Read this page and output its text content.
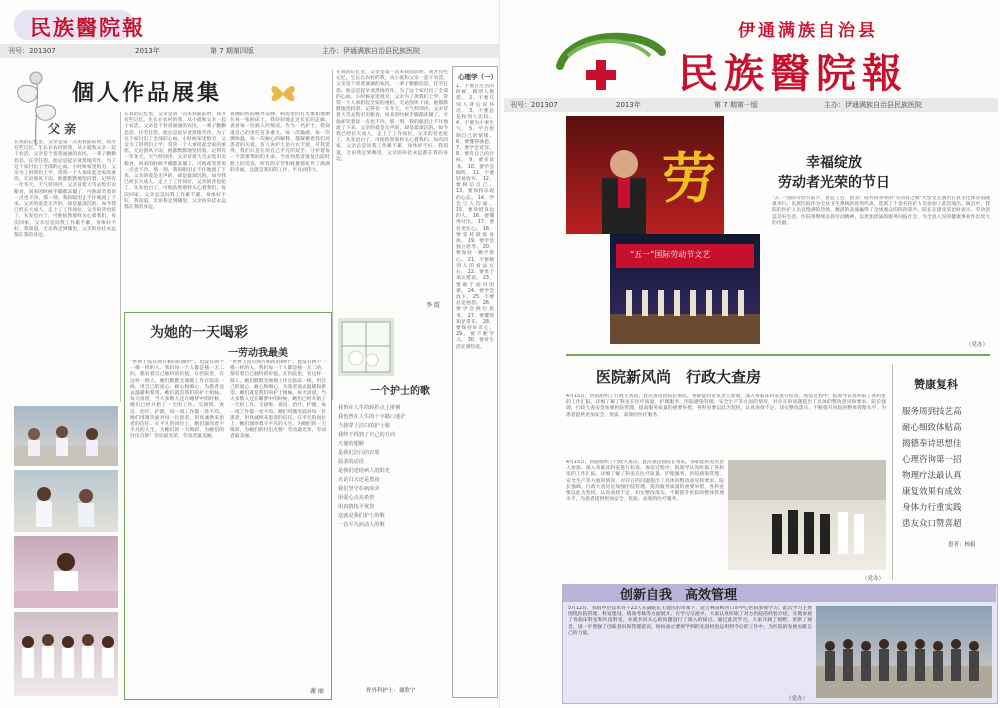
民族醫院報
刊号：201307	2013年	第 7 期第四版	主办：伊通满族自治县民族医院
個人作品展集
父 亲
在我的记忆里，父亲是第一次来我面前时，我才有些记忆。生长在农村的我，从小就和父亲一起干农活。父亲是个普普通通的农民，一辈子勤勤恳恳，任劳任怨。他总是起早贪黑地劳作，为了这个家付出了全部的心血。小时候家里很穷，父亲为了供我们上学，常常一个人承担起全家的重担。无论刮风下雨，他都默默地坚持着。记得有一年冬天，天气特别冷，父亲冒着大雪去集市卖粮食，回来的时候手脚都冻僵了，可他却笑着说一点也不冷。那一刻，我的眼泪止不住地流了下来。父亲的爱是无声的，却是最深沉的。如今我已经长大成人，走上了工作岗位，父亲的背也驼了，头发也白了，可他依然那样关心着我们。每次回家，父亲总是问我工作累不累，身体好不好。我知道，无论我走到哪里，父亲的牵挂永远都在我的身边。
在我的记忆里，父亲是第一次来我面前时，我才有些记忆。生长在农村的我，从小就和父亲一起干农活。父亲是个普普通通的农民，一辈子勤勤恳恳，任劳任怨。他总是起早贪黑地劳作，为了这个家付出了全部的心血。小时候家里很穷，父亲为了供我们上学，常常一个人承担起全家的重担。无论刮风下雨，他都默默地坚持着。记得有一年冬天，天气特别冷，父亲冒着大雪去集市卖粮食，回来的时候手脚都冻僵了，可他却笑着说一点也不冷。那一刻，我的眼泪止不住地流了下来。父亲的爱是无声的，却是最深沉的。如今我已经长大成人，走上了工作岗位，父亲的背也驼了，头发也白了，可他依然那样关心着我们。每次回家，父亲总是问我工作累不累，身体好不好。我知道，无论我走到哪里，父亲的牵挂永远都在我的身边。
夜晚的医院格外安静，病房里的灯光柔和地洒在每一张病床上。我轻轻地走过长长的走廊，查看每一位病人的情况。作为一名护士，我知道自己的责任有多重大。每一次输液、每一次测体温、每一次耐心的解释，都凝聚着我们对患者的关爱。有人说护士是白衣天使，可我觉得，我们只是在用自己平凡的双手，守护着每一个需要帮助的生命。当看到患者康复出院时脸上的笑容，所有的辛苦和疲惫都化作了满满的幸福。这就是我们的工作，平凡而伟大。
在我的记忆里，父亲是第一次来我面前时，我才有些记忆。生长在农村的我，从小就和父亲一起干农活。父亲是个普普通通的农民，一辈子勤勤恳恳，任劳任怨。他总是起早贪黑地劳作，为了这个家付出了全部的心血。小时候家里很穷，父亲为了供我们上学，常常一个人承担起全家的重担。无论刮风下雨，他都默默地坚持着。记得有一年冬天，天气特别冷，父亲冒着大雪去集市卖粮食，回来的时候手脚都冻僵了，可他却笑着说一点也不冷。那一刻，我的眼泪止不住地流了下来。父亲的爱是无声的，却是最深沉的。如今我已经长大成人，走上了工作岗位，父亲的背也驼了，头发也白了，可他依然那样关心着我们。每次回家，父亲总是问我工作累不累，身体好不好。我知道，无论我走到哪里，父亲的牵挂永远都在我的身边。
李 霞
心理学（一）
1、不要在生活的时候，跟别人抱怨。 2、不要在别人背后说坏话。 3、不要总是和别人比较。 4、不要为小事生气。 5、学会控制自己的情绪。 6、要懂得感恩。 7、要学会宽容。 8、要有自己的目标。 9、要多读书。 10、要学会倾听。 11、不要轻易放弃。 12、要相信自己。 13、要保持乐观的心态。 14、学会与人沟通。 15、要珍惜身边的人。 16、要懂得付出。 17、要有责任心。 18、要坚持锻炼身体。 19、要学会独立思考。 20、要保持一颗平常心。 21、不要被别人的看法左右。 22、要勇于承认错误。 23、要敢于面对困难。 24、要学会放下。 25、不要总是抱怨。 26、要学会换位思考。 27、要懂得知足常乐。 28、要保持好奇心。 29、要不断学习。 30、要对生活充满热爱。
为她的一天喝彩
一劳动我最美
"世界上没有两片相同的树叶"。也没有两个一模一样的人。我们每一个人都是独一无二的，都有着自己独特的价值。在医院里，有这样一群人，她们默默无闻地工作在临床一线，用自己的爱心、耐心和细心，为患者送去温暖和希望。她们就是我们的护士姐妹。每天清晨，当大多数人还在睡梦中的时候，她们已经开始了一天的工作。交接班、查房、治疗、护理，每一项工作都一丝不苟。她们用微笑面对每一位患者，用真诚换来患者的信任。在平凡的岗位上，她们演绎着不平凡的人生。为她们的一天喝彩，为她们的付出点赞！劳动最光荣，劳动者最美丽。
"世界上没有两片相同的树叶"。也没有两个一模一样的人。我们每一个人都是独一无二的，都有着自己独特的价值。在医院里，有这样一群人，她们默默无闻地工作在临床一线，用自己的爱心、耐心和细心，为患者送去温暖和希望。她们就是我们的护士姐妹。每天清晨，当大多数人还在睡梦中的时候，她们已经开始了一天的工作。交接班、查房、治疗、护理，每一项工作都一丝不苟。她们用微笑面对每一位患者，用真诚换来患者的信任。在平凡的岗位上，她们演绎着不平凡的人生。为她们的一天喝彩，为她们的付出点赞！劳动最光荣，劳动者最美丽。
谢 丽
一个护士的歌
我曾在人生的转折点上徘徊
我也曾在人生的十字路口迷茫
当我穿上洁白的护士服
我终于找到了自己的方向
天使的翅膀
是我们洁白的衣裳
温柔的话语
是我们送给病人的阳光
无论白天还是黑夜
我们坚守在病床旁
用爱心点亮希望
用真情抚平忧伤
这就是我们护士的歌
一首平凡而动人的歌
骨外科护士：谢欣宇
伊通满族自治县
民族醫院報
刊号：201307	2013年	第 7 期第一版	主办：伊通满族自治县民族医院
劳
“五一”国际劳动节文艺
幸福绽放
劳动者光荣的节日
"五一"国际劳动节前夕，县总工会、县文广局共同举办的"劳动者之歌"大型文艺演出在县文化体育馆隆重举行。民族医院作为全县卫生系统的优秀代表，选派了十余名医护人员参加了此次演出。演出中，我院的医护人员以饱满的热情、精湛的表演赢得了全场观众的阵阵掌声。院长在接受采访时表示，劳动创造美好生活，医院将继续弘扬劳动精神，以更加优质的服务回报社会，为全县人民的健康事业作出更大的贡献。
（党办）
医院新风尚　行政大查房
4月15日，医院组织了行政大查房。此次查房由院长带队，各职能科室负责人参加，深入各临床科室进行检查。查房过程中，院领导认真听取了各科室的工作汇报，详细了解了科室在医疗质量、护理服务、医院感染管理、安全生产等方面的情况，对存在的问题提出了具体的整改意见和要求。院长强调，行政大查房是加强医院管理、提高服务质量的重要举措，各科室要以此为契机，认真查找不足，切实整改落实，不断提升医院的整体管理水平，为患者提供更加安全、优质、高效的医疗服务。
4月15日，医院组织了行政大查房。此次查房由院长带队，各职能科室负责人参加，深入各临床科室进行检查。查房过程中，院领导认真听取了各科室的工作汇报，详细了解了科室在医疗质量、护理服务、医院感染管理、安全生产等方面的情况，对存在的问题提出了具体的整改意见和要求。院长强调，行政大查房是加强医院管理、提高服务质量的重要举措，各科室要以此为契机，认真查找不足，切实整改落实，不断提升医院的整体管理水平，为患者提供更加安全、优质、高效的医疗服务。
（党办）
赞康复科
服务周到技艺高
耐心细致体贴高
揭德奉诗思想佳
心理咨询第一招
物理疗法最认真
康复效果有成效
身体力行重实践
患友众口赞喜超
患者：杨娟
创新自我　高效管理
5月12日，我院中层技术骨干23人在副院长王建民的带领下，赴吉林省梅河口市中心医院参观学习。此次学习主要围绕医院管理、科室建设、绩效考核等方面展开。在学习交流中，大家认真听取了对方医院的经验介绍，实地参观了各临床科室和医技科室，并就共同关心的问题进行了深入的探讨。通过此次学习，大家开阔了视野，更新了观念，进一步增强了创新意识和管理意识，纷纷表示要将学到的先进经验运用到今后的工作中，为医院的发展贡献自己的力量。
（党办）
